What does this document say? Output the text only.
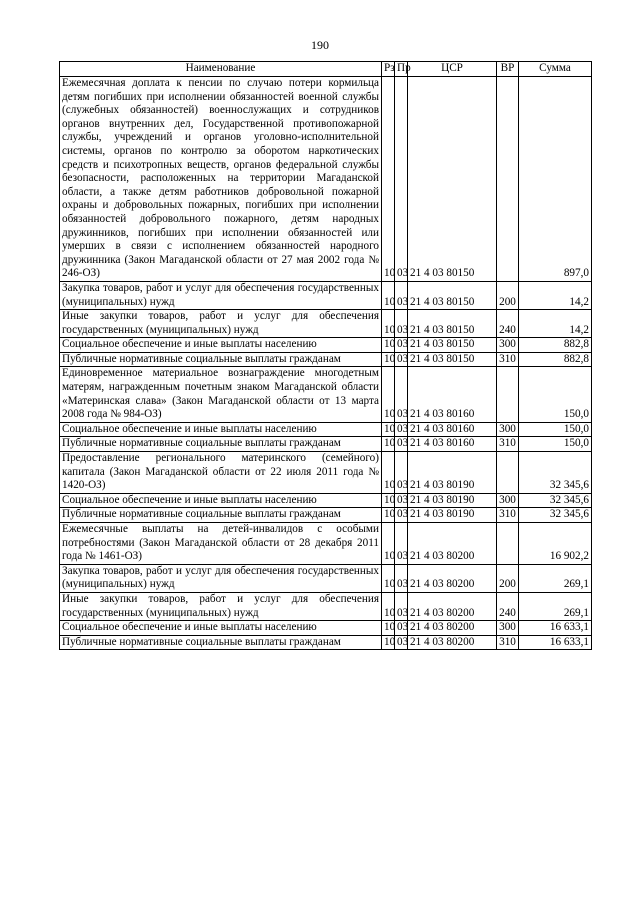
190
Наименование	Рз	Пр	ЦСР	ВР	Сумма
Ежемесячная доплата к пенсии по случаю потери кормильца детям погибших при исполнении обязанностей военной службы (служебных обязанностей) военнослужащих и сотрудников органов внутренних дел, Государственной противопожарной службы, учреждений и органов уголовно-исполнительной системы, органов по контролю за оборотом наркотических средств и психотропных веществ, органов федеральной службы безопасности, расположенных на территории Магаданской области, а также детям работников добровольной пожарной охраны и добровольных пожарных, погибших при исполнении обязанностей добровольного пожарного, детям народных дружинников, погибших при исполнении обязанностей или умерших в связи с исполнением обязанностей народного дружинника (Закон Магаданской области от 27 мая 2002 года № 246-ОЗ)	10	03	21 4 03 80150		897,0
Закупка товаров, работ и услуг для обеспечения государственных (муниципальных) нужд	10	03	21 4 03 80150	200	14,2
Иные закупки товаров, работ и услуг для обеспечения государственных (муниципальных) нужд	10	03	21 4 03 80150	240	14,2
Социальное обеспечение и иные выплаты населению	10	03	21 4 03 80150	300	882,8
Публичные нормативные социальные выплаты гражданам	10	03	21 4 03 80150	310	882,8
Единовременное материальное вознаграждение многодетным матерям, награжденным почетным знаком Магаданской области «Материнская слава» (Закон Магаданской области от 13 марта 2008 года № 984-ОЗ)	10	03	21 4 03 80160		150,0
Социальное обеспечение и иные выплаты населению	10	03	21 4 03 80160	300	150,0
Публичные нормативные социальные выплаты гражданам	10	03	21 4 03 80160	310	150,0
Предоставление регионального материнского (семейного) капитала (Закон Магаданской области от 22 июля 2011 года № 1420-ОЗ)	10	03	21 4 03 80190		32 345,6
Социальное обеспечение и иные выплаты населению	10	03	21 4 03 80190	300	32 345,6
Публичные нормативные социальные выплаты гражданам	10	03	21 4 03 80190	310	32 345,6
Ежемесячные выплаты на детей-инвалидов с особыми потребностями (Закон Магаданской области от 28 декабря 2011 года № 1461-ОЗ)	10	03	21 4 03 80200		16 902,2
Закупка товаров, работ и услуг для обеспечения государственных (муниципальных) нужд	10	03	21 4 03 80200	200	269,1
Иные закупки товаров, работ и услуг для обеспечения государственных (муниципальных) нужд	10	03	21 4 03 80200	240	269,1
Социальное обеспечение и иные выплаты населению	10	03	21 4 03 80200	300	16 633,1
Публичные нормативные социальные выплаты гражданам	10	03	21 4 03 80200	310	16 633,1
